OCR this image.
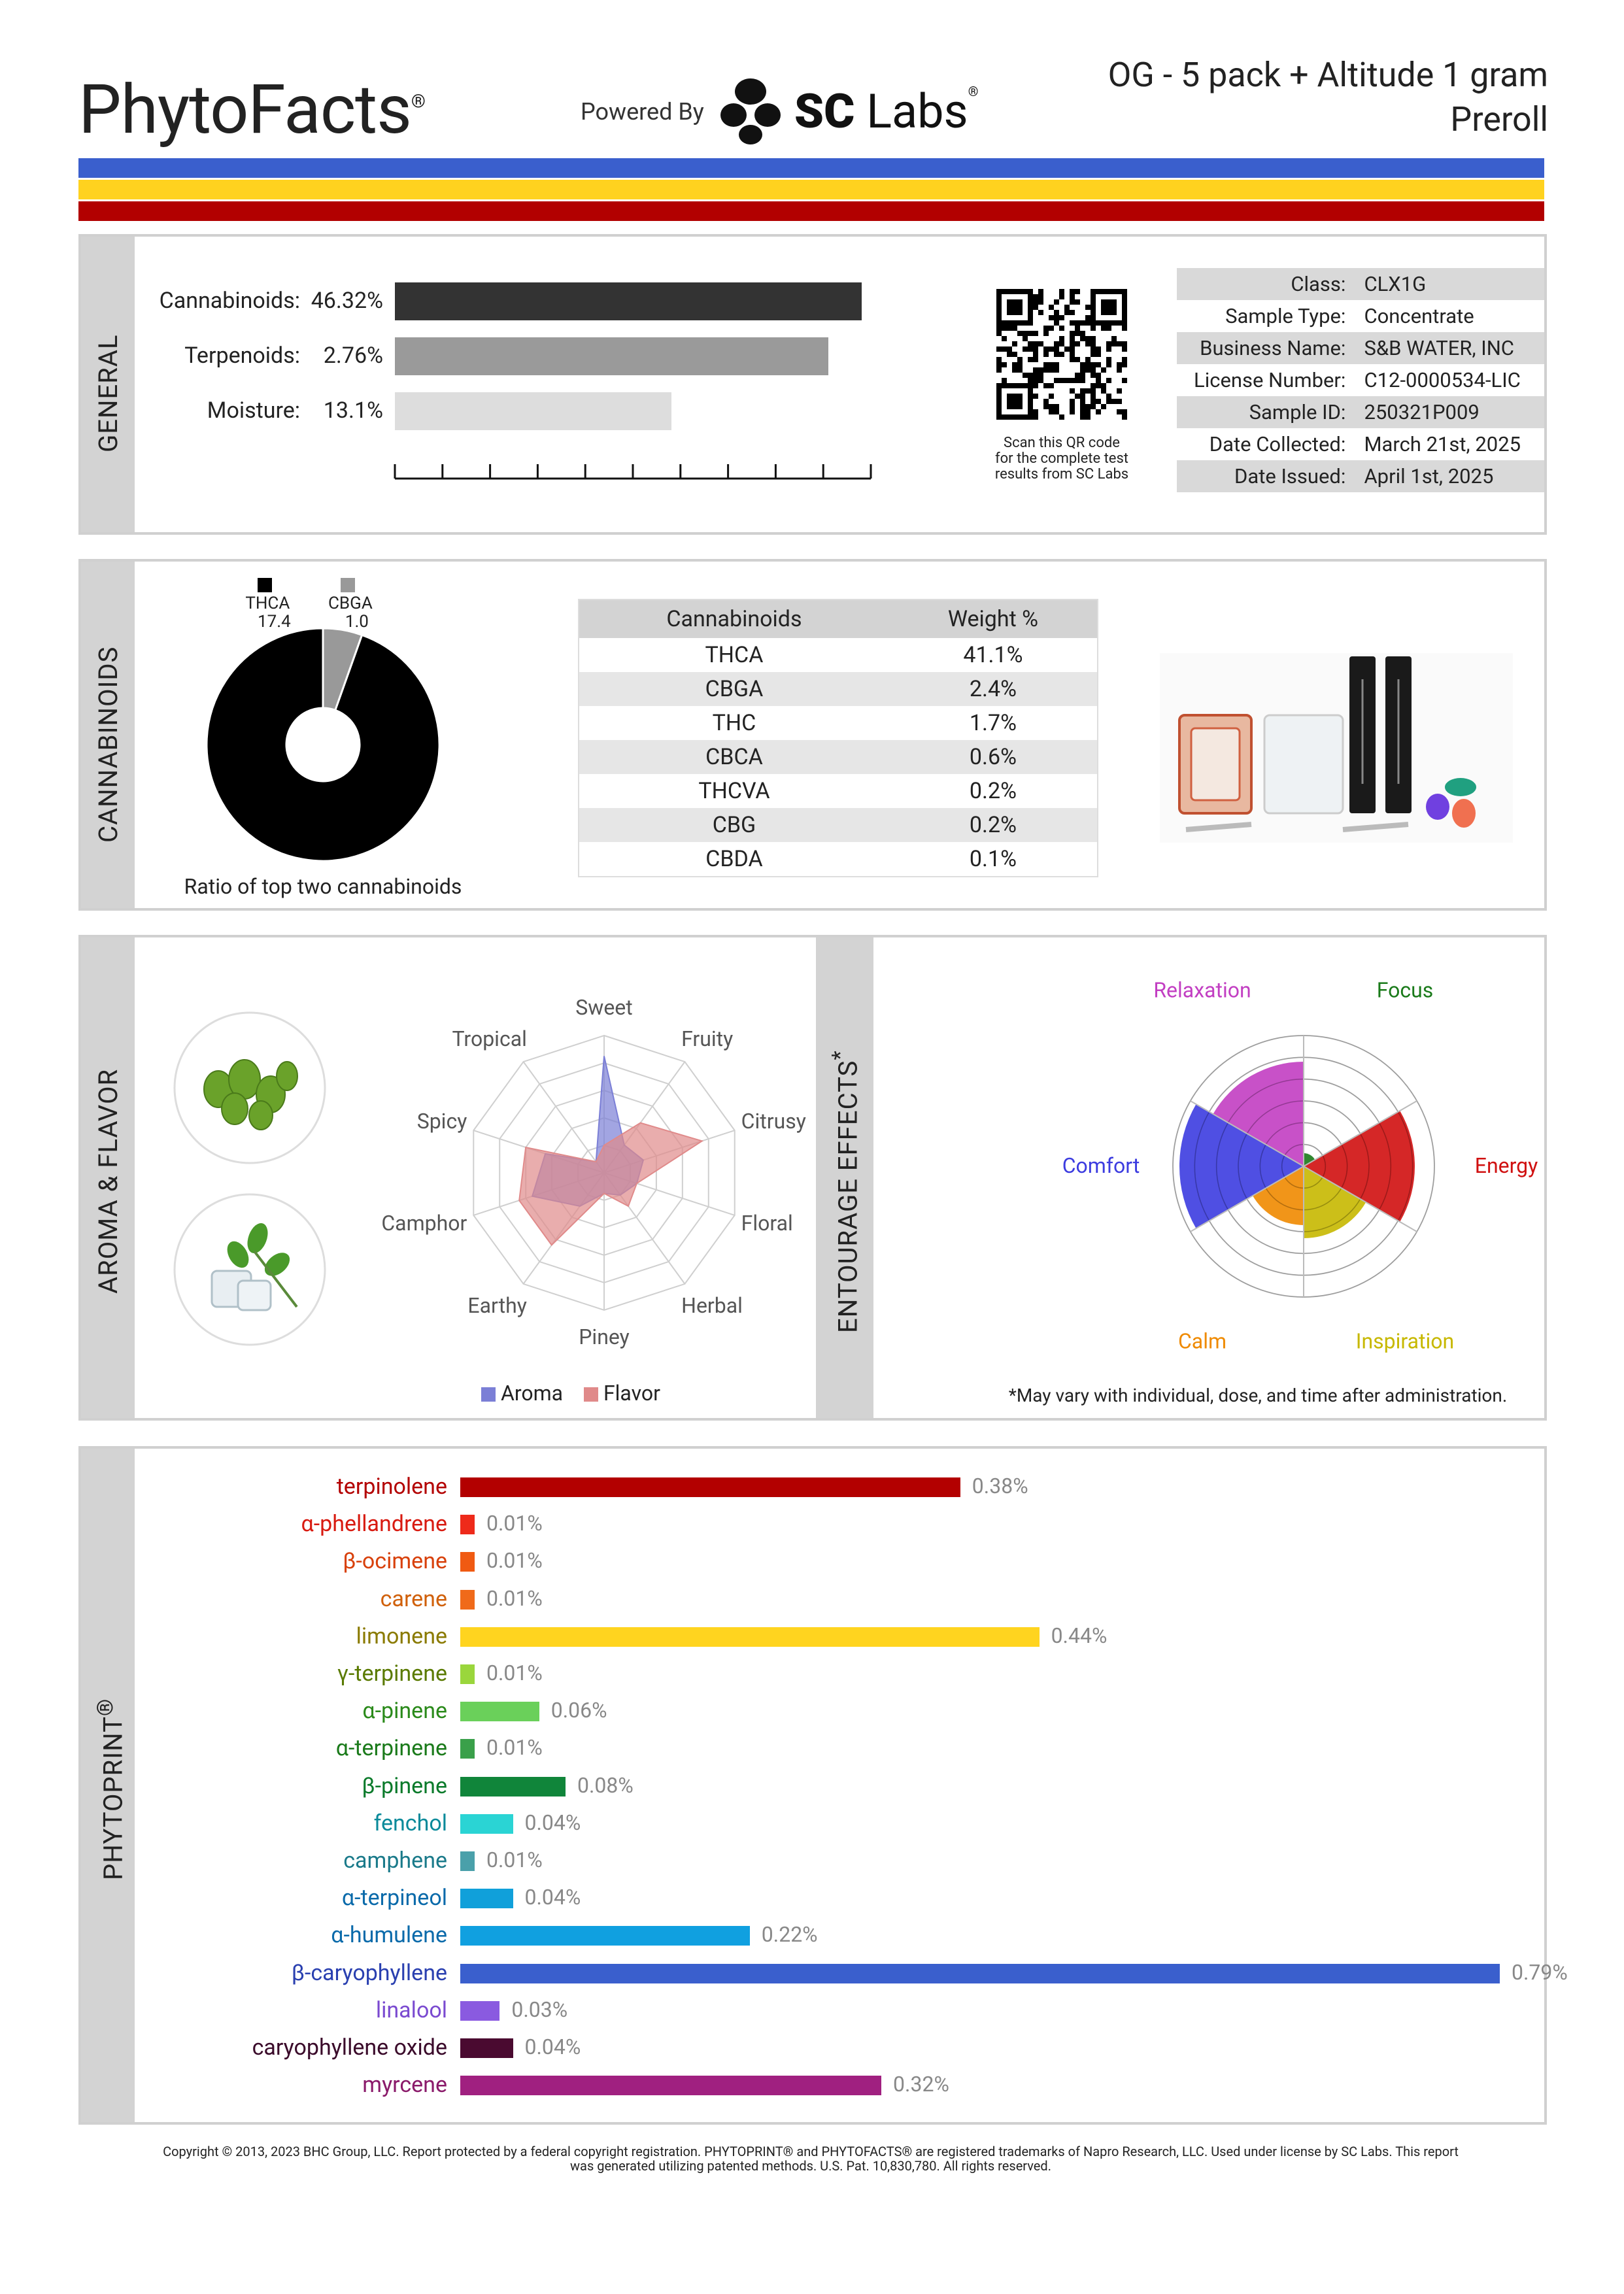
PhytoFacts®	Powered By SC Labs®	OG - 5 pack + Altitude 1 gram
Preroll
GENERAL
Cannabinoids: 46.32%
Terpenoids: 2.76%
Moisture: 13.1%
Scan this QR code
for the complete test
results from SC Labs
Class:	CLX1G
Sample Type:	Concentrate
Business Name:	S&B WATER, INC
License Number:	C12-0000534-LIC
Sample ID:	250321P009
Date Collected:	March 21st, 2025
Date Issued:	April 1st, 2025
CANNABINOIDS
THCA
17.4
CBGA
1.0
Ratio of top two cannabinoids
Cannabinoids	Weight %
THCA	41.1%
CBGA	2.4%
THC	1.7%
CBCA	0.6%
THCVA	0.2%
CBG	0.2%
CBDA	0.1%
AROMA & FLAVOR
Sweet
Fruity
Citrusy
Floral
Herbal
Piney
Earthy
Camphor
Spicy
Tropical
Aroma Flavor
ENTOURAGE EFFECTS*
Relaxation	Focus
Energy
Inspiration
Calm
Comfort
*May vary with individual, dose, and time after administration.
PHYTOPRINT®
terpinolene	0.38%
α-phellandrene 0.01%
β-ocimene 0.01%
carene 0.01%
limonene	0.44%
γ-terpinene 0.01%
α-pinene	0.06%
α-terpinene 0.01%
β-pinene	0.08%
fenchol	0.04%
camphene 0.01%
α-terpineol	0.04%
α-humulene	0.22%
β-caryophyllene	0.79%
linalool	0.03%
caryophyllene oxide	0.04%
myrcene	0.32%
Copyright © 2013, 2023 BHC Group, LLC. Report protected by a federal copyright registration. PHYTOPRINT® and PHYTOFACTS® are registered trademarks of Napro Research, LLC. Used under license by SC Labs. This report
was generated utilizing patented methods. U.S. Pat. 10,830,780. All rights reserved.
